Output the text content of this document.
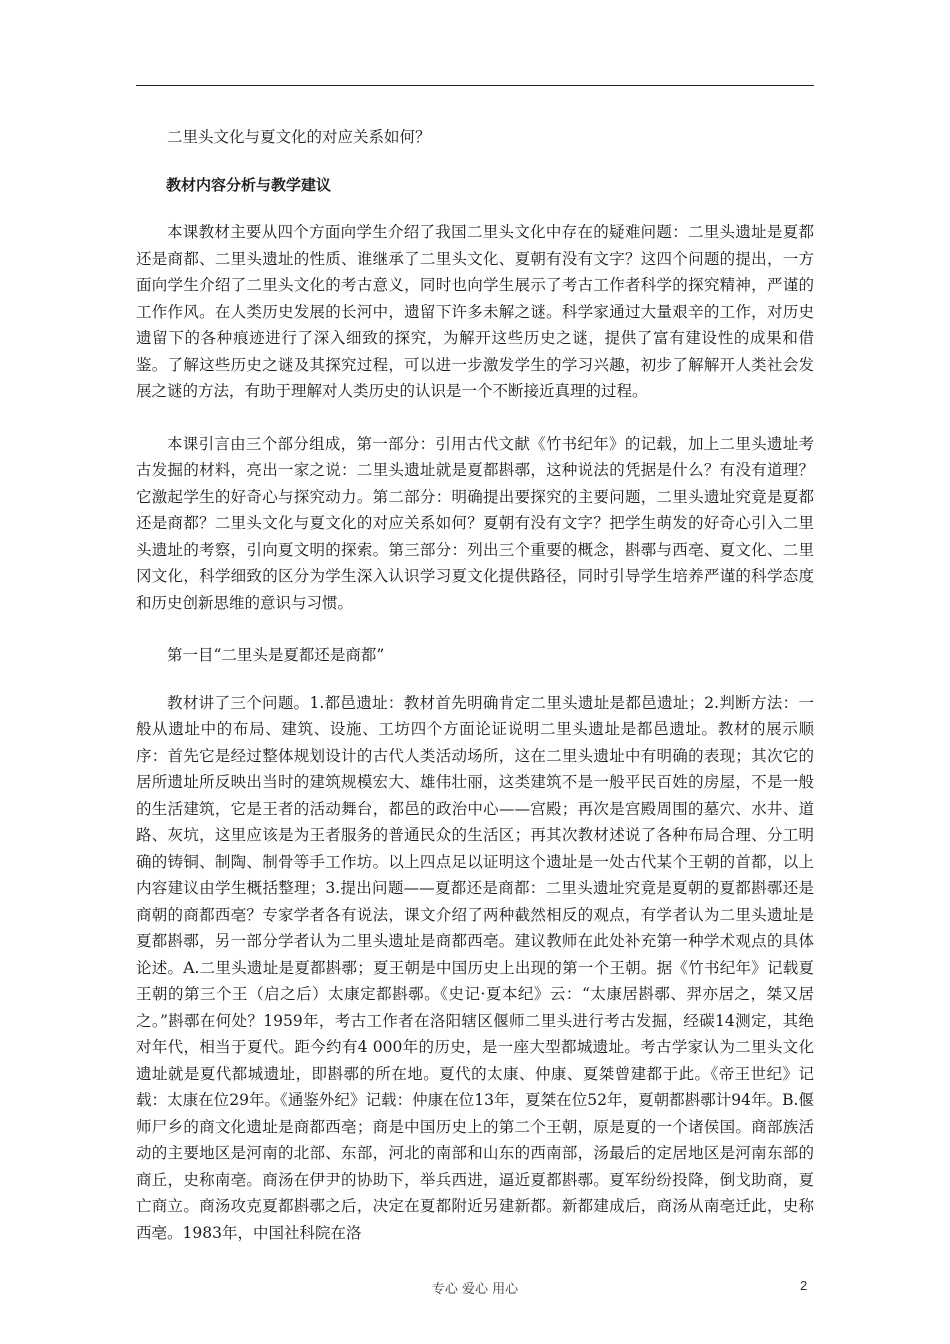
二里头文化与夏文化的对应关系如何？

教材内容分析与教学建议

本课教材主要从四个方面向学生介绍了我国二里头文化中存在的疑难问题：二里头遗址是夏都还是商都、二里头遗址的性质、谁继承了二里头文化、夏朝有没有文字？这四个问题的提出，一方面向学生介绍了二里头文化的考古意义，同时也向学生展示了考古工作者科学的探究精神，严谨的工作作风。在人类历史发展的长河中，遗留下许多未解之谜。科学家通过大量艰辛的工作，对历史遗留下的各种痕迹进行了深入细致的探究，为解开这些历史之谜，提供了富有建设性的成果和借鉴。了解这些历史之谜及其探究过程，可以进一步激发学生的学习兴趣，初步了解解开人类社会发展之谜的方法，有助于理解对人类历史的认识是一个不断接近真理的过程。

本课引言由三个部分组成，第一部分：引用古代文献《竹书纪年》的记载，加上二里头遗址考古发掘的材料，亮出一家之说：二里头遗址就是夏都斟鄩，这种说法的凭据是什么？有没有道理？它激起学生的好奇心与探究动力。第二部分：明确提出要探究的主要问题，二里头遗址究竟是夏都还是商都？二里头文化与夏文化的对应关系如何？夏朝有没有文字？把学生萌发的好奇心引入二里头遗址的考察，引向夏文明的探索。第三部分：列出三个重要的概念，斟鄩与西亳、夏文化、二里冈文化，科学细致的区分为学生深入认识学习夏文化提供路径，同时引导学生培养严谨的科学态度和历史创新思维的意识与习惯。

第一目“二里头是夏都还是商都”

教材讲了三个问题。1.都邑遗址：教材首先明确肯定二里头遗址是都邑遗址；2.判断方法：一般从遗址中的布局、建筑、设施、工坊四个方面论证说明二里头遗址是都邑遗址。教材的展示顺序：首先它是经过整体规划设计的古代人类活动场所，这在二里头遗址中有明确的表现；其次它的居所遗址所反映出当时的建筑规模宏大、雄伟壮丽，这类建筑不是一般平民百姓的房屋，不是一般的生活建筑，它是王者的活动舞台，都邑的政治中心——宫殿；再次是宫殿周围的墓穴、水井、道路、灰坑，这里应该是为王者服务的普通民众的生活区；再其次教材述说了各种布局合理、分工明确的铸铜、制陶、制骨等手工作坊。以上四点足以证明这个遗址是一处古代某个王朝的首都，以上内容建议由学生概括整理；3.提出问题——夏都还是商都：二里头遗址究竟是夏朝的夏都斟鄩还是商朝的商都西亳？专家学者各有说法，课文介绍了两种截然相反的观点，有学者认为二里头遗址是夏都斟鄩，另一部分学者认为二里头遗址是商都西亳。建议教师在此处补充第一种学术观点的具体论述。A.二里头遗址是夏都斟鄩；夏王朝是中国历史上出现的第一个王朝。据《竹书纪年》记载夏王朝的第三个王（启之后）太康定都斟鄩。《史记·夏本纪》云：“太康居斟鄩、羿亦居之，桀又居之。”斟鄩在何处？1959年，考古工作者在洛阳辖区偃师二里头进行考古发掘，经碳14测定，其绝对年代，相当于夏代。距今约有4 000年的历史，是一座大型都城遗址。考古学家认为二里头文化遗址就是夏代都城遗址，即斟鄩的所在地。夏代的太康、仲康、夏桀曾建都于此。《帝王世纪》记载：太康在位29年。《通鉴外纪》记载：仲康在位13年，夏桀在位52年，夏朝都斟鄩计94年。B.偃师尸乡的商文化遗址是商都西亳；商是中国历史上的第二个王朝，原是夏的一个诸侯国。商部族活动的主要地区是河南的北部、东部，河北的南部和山东的西南部，汤最后的定居地区是河南东部的商丘，史称南亳。商汤在伊尹的协助下，举兵西进，逼近夏都斟鄩。夏军纷纷投降，倒戈助商，夏亡商立。商汤攻克夏都斟鄩之后，决定在夏都附近另建新都。新都建成后，商汤从南亳迁此，史称西亳。1983年，中国社科院在洛

专心 爱心 用心	2
